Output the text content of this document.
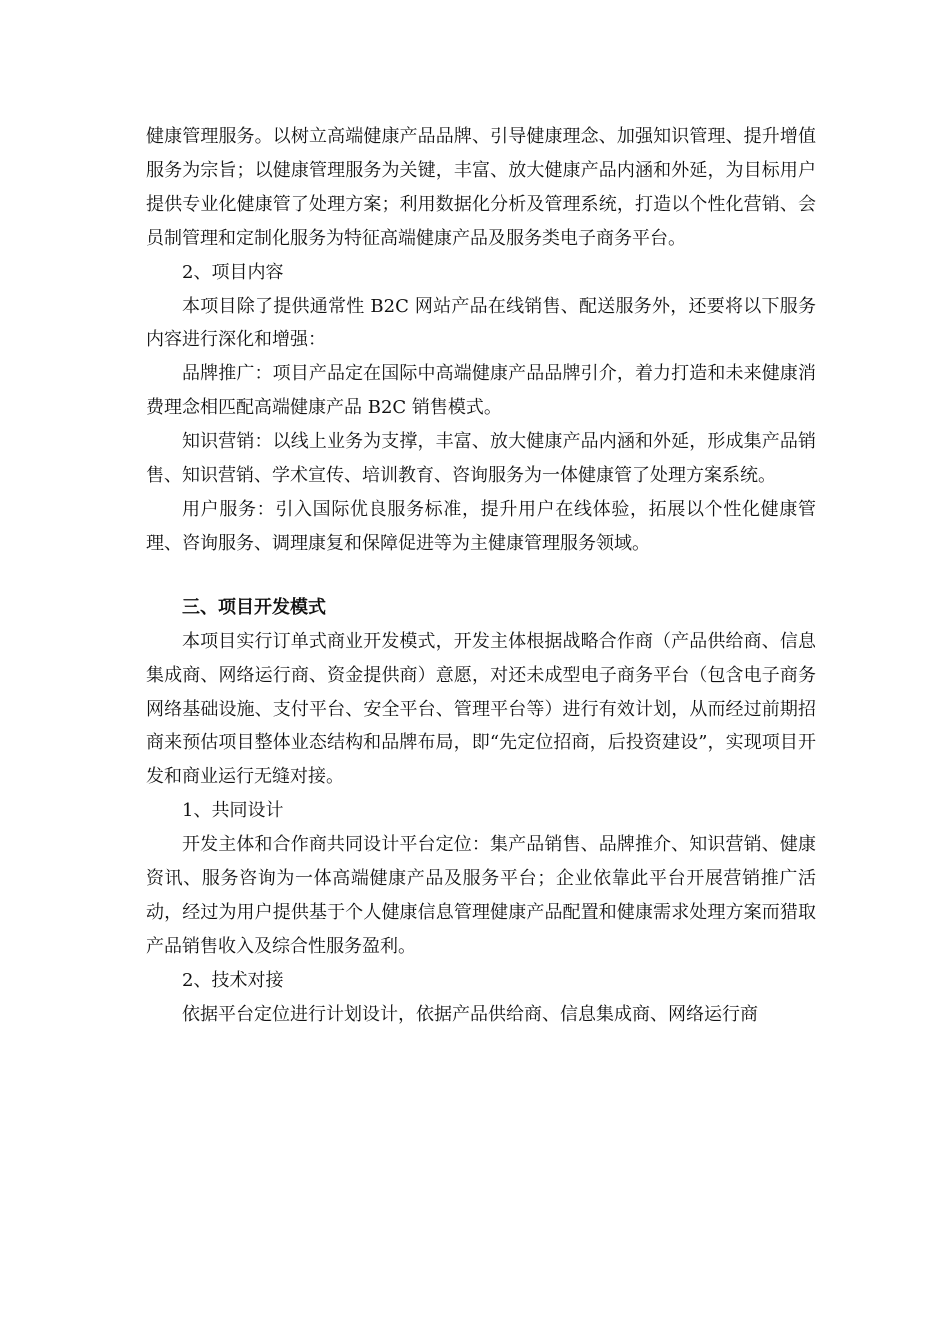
健康管理服务。以树立高端健康产品品牌、引导健康理念、加强知识管理、提升增值服务为宗旨；以健康管理服务为关键，丰富、放大健康产品内涵和外延，为目标用户提供专业化健康管了处理方案；利用数据化分析及管理系统，打造以个性化营销、会员制管理和定制化服务为特征高端健康产品及服务类电子商务平台。

2、项目内容

本项目除了提供通常性 B2C 网站产品在线销售、配送服务外，还要将以下服务内容进行深化和增强：

品牌推广：项目产品定在国际中高端健康产品品牌引介，着力打造和未来健康消费理念相匹配高端健康产品 B2C 销售模式。

知识营销：以线上业务为支撑，丰富、放大健康产品内涵和外延，形成集产品销售、知识营销、学术宣传、培训教育、咨询服务为一体健康管了处理方案系统。

用户服务：引入国际优良服务标准，提升用户在线体验，拓展以个性化健康管理、咨询服务、调理康复和保障促进等为主健康管理服务领域。

三、项目开发模式

本项目实行订单式商业开发模式，开发主体根据战略合作商（产品供给商、信息集成商、网络运行商、资金提供商）意愿，对还未成型电子商务平台（包含电子商务网络基础设施、支付平台、安全平台、管理平台等）进行有效计划，从而经过前期招商来预估项目整体业态结构和品牌布局，即“先定位招商，后投资建设”，实现项目开发和商业运行无缝对接。

1、共同设计

开发主体和合作商共同设计平台定位：集产品销售、品牌推介、知识营销、健康资讯、服务咨询为一体高端健康产品及服务平台；企业依靠此平台开展营销推广活动，经过为用户提供基于个人健康信息管理健康产品配置和健康需求处理方案而猎取产品销售收入及综合性服务盈利。

2、技术对接

依据平台定位进行计划设计，依据产品供给商、信息集成商、网络运行商
